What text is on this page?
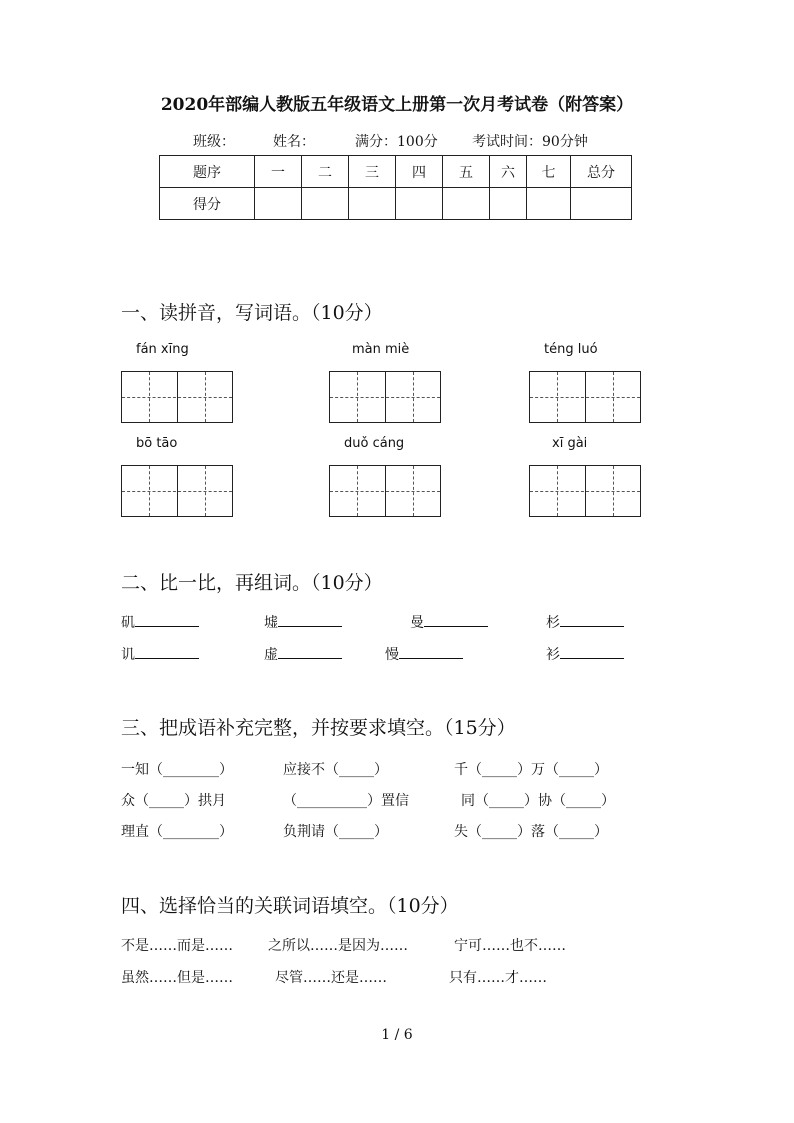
2020年部编人教版五年级语文上册第一次月考试卷（附答案）
班级：	姓名：	满分：100分 考试时间：90分钟
题序	一	二	三	四	五	六	七	总分
得分								
一、读拼音，写词语。（10分）
fán xīng	màn miè	téng luó
bō tāo	duǒ cáng	xī gài
二、比一比，再组词。（10分）
矶	墟	曼	杉
讥	虚	慢	衫
三、把成语补充完整，并按要求填空。（15分）
一知（________）	应接不（_____）	千（_____）万（_____）
众（_____）拱月	（__________）置信	同（_____）协（_____）
理直（________）	负荆请（_____）	失（_____）落（_____）
四、选择恰当的关联词语填空。（10分）
不是……而是……	之所以……是因为……	宁可……也不……
虽然……但是……	尽管……还是……	只有……才……
1 / 6
